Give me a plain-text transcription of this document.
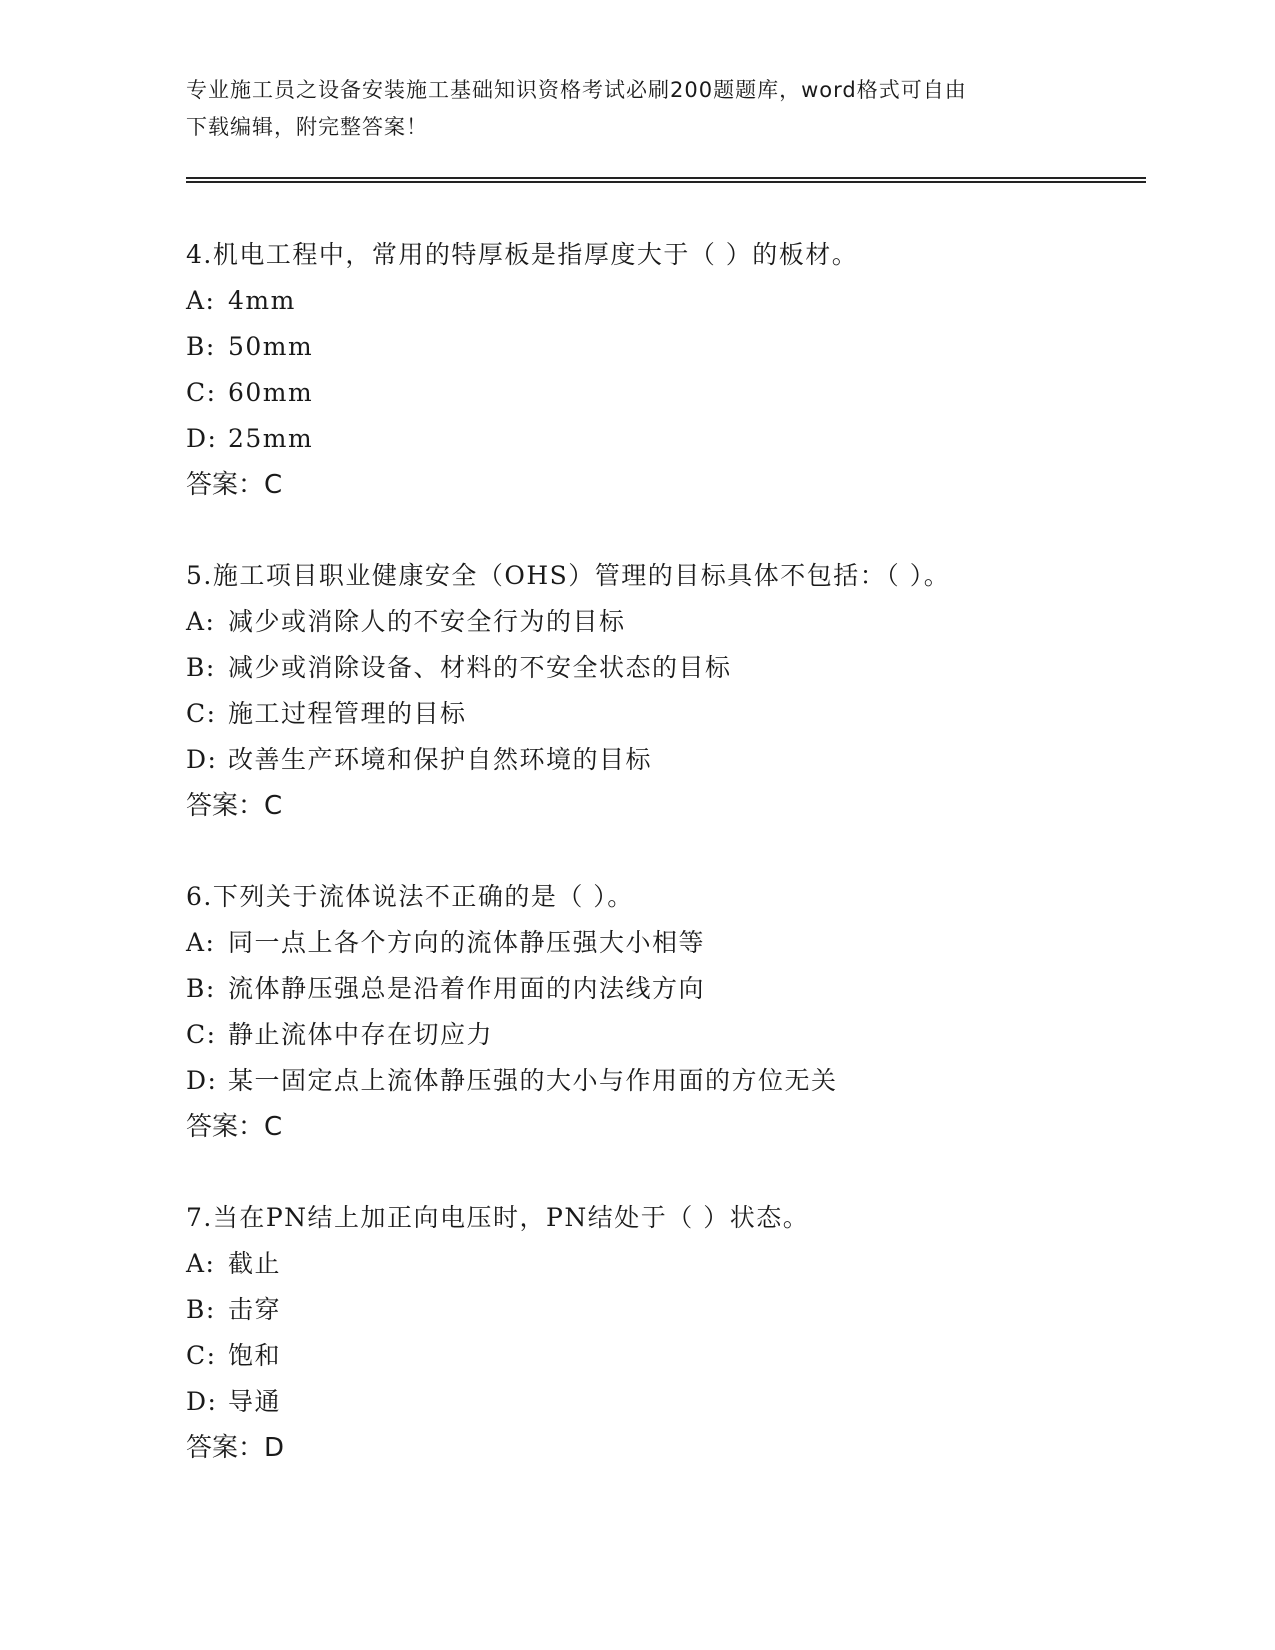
专业施工员之设备安装施工基础知识资格考试必刷200题题库，word格式可自由
下载编辑，附完整答案！
4.机电工程中，常用的特厚板是指厚度大于（ ）的板材。
A: 4mm
B: 50mm
C: 60mm
D: 25mm
答案：C
5.施工项目职业健康安全（OHS）管理的目标具体不包括：（ ）。
A: 减少或消除人的不安全行为的目标
B: 减少或消除设备、材料的不安全状态的目标
C: 施工过程管理的目标
D: 改善生产环境和保护自然环境的目标
答案：C
6.下列关于流体说法不正确的是（ ）。
A: 同一点上各个方向的流体静压强大小相等
B: 流体静压强总是沿着作用面的内法线方向
C: 静止流体中存在切应力
D: 某一固定点上流体静压强的大小与作用面的方位无关
答案：C
7.当在PN结上加正向电压时，PN结处于（ ）状态。
A: 截止
B: 击穿
C: 饱和
D: 导通
答案：D
